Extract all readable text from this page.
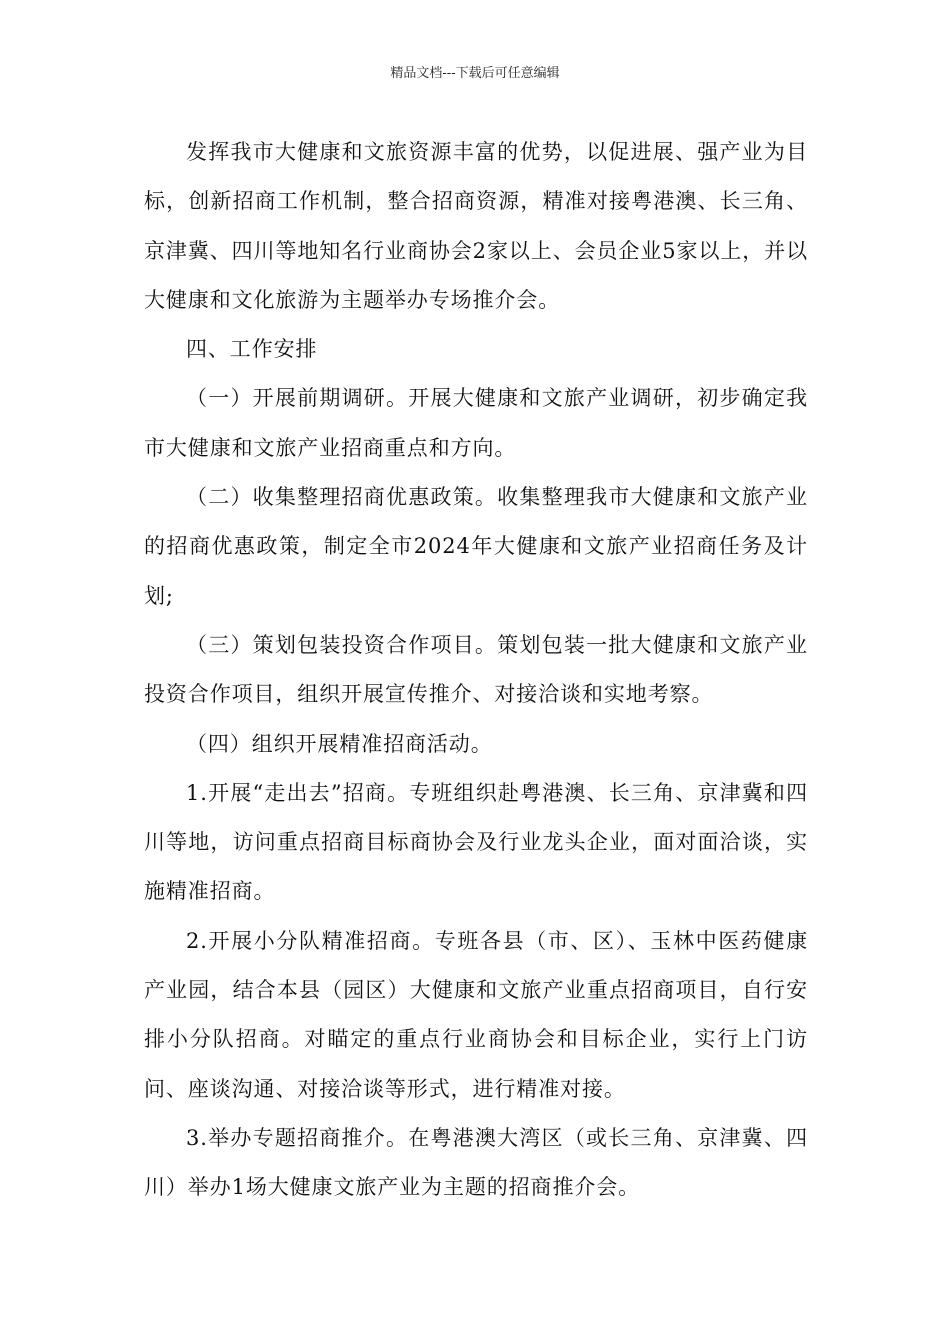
精品文档---下载后可任意编辑

发挥我市大健康和文旅资源丰富的优势，以促进展、强产业为目标，创新招商工作机制，整合招商资源，精准对接粤港澳、长三角、京津冀、四川等地知名行业商协会2家以上、会员企业5家以上，并以大健康和文化旅游为主题举办专场推介会。

四、工作安排

（一）开展前期调研。开展大健康和文旅产业调研，初步确定我市大健康和文旅产业招商重点和方向。

（二）收集整理招商优惠政策。收集整理我市大健康和文旅产业的招商优惠政策，制定全市2024年大健康和文旅产业招商任务及计划;

（三）策划包装投资合作项目。策划包装一批大健康和文旅产业投资合作项目，组织开展宣传推介、对接洽谈和实地考察。

（四）组织开展精准招商活动。

1.开展“走出去”招商。专班组织赴粤港澳、长三角、京津冀和四川等地，访问重点招商目标商协会及行业龙头企业，面对面洽谈，实施精准招商。

2.开展小分队精准招商。专班各县（市、区）、玉林中医药健康产业园，结合本县（园区）大健康和文旅产业重点招商项目，自行安排小分队招商。对瞄定的重点行业商协会和目标企业，实行上门访问、座谈沟通、对接洽谈等形式，进行精准对接。

3.举办专题招商推介。在粤港澳大湾区（或长三角、京津冀、四川）举办1场大健康文旅产业为主题的招商推介会。
